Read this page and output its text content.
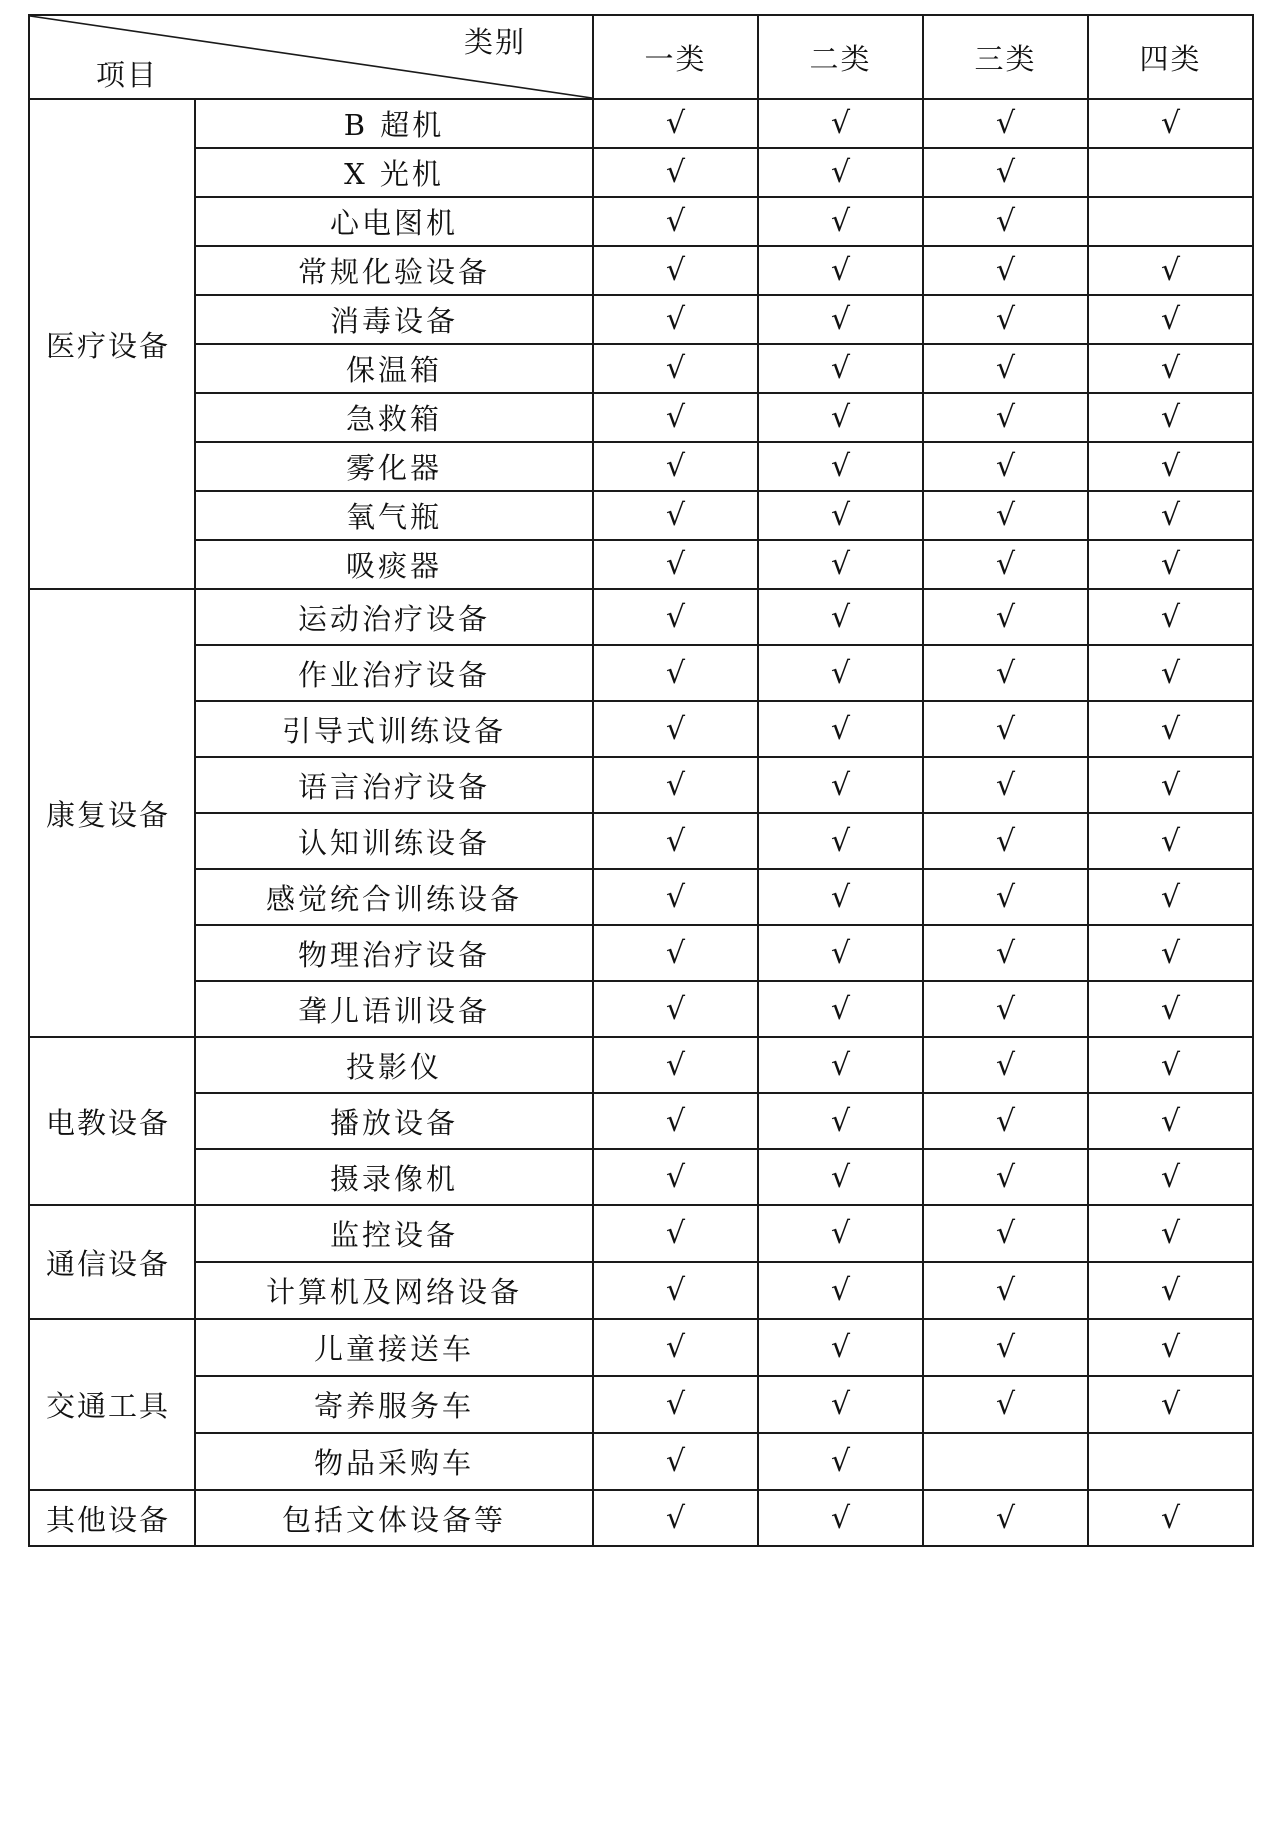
类别
项目		一类	二类	三类	四类
医疗设备	B 超机	√	√	√	√
	X 光机	√	√	√	
	心电图机	√	√	√	
	常规化验设备	√	√	√	√
	消毒设备	√	√	√	√
	保温箱	√	√	√	√
	急救箱	√	√	√	√
	雾化器	√	√	√	√
	氧气瓶	√	√	√	√
	吸痰器	√	√	√	√
康复设备	运动治疗设备	√	√	√	√
	作业治疗设备	√	√	√	√
	引导式训练设备	√	√	√	√
	语言治疗设备	√	√	√	√
	认知训练设备	√	√	√	√
	感觉统合训练设备	√	√	√	√
	物理治疗设备	√	√	√	√
	聋儿语训设备	√	√	√	√
电教设备	投影仪	√	√	√	√
	播放设备	√	√	√	√
	摄录像机	√	√	√	√
通信设备	监控设备	√	√	√	√
	计算机及网络设备	√	√	√	√
交通工具	儿童接送车	√	√	√	√
	寄养服务车	√	√	√	√
	物品采购车	√	√		
其他设备	包括文体设备等	√	√	√	√
